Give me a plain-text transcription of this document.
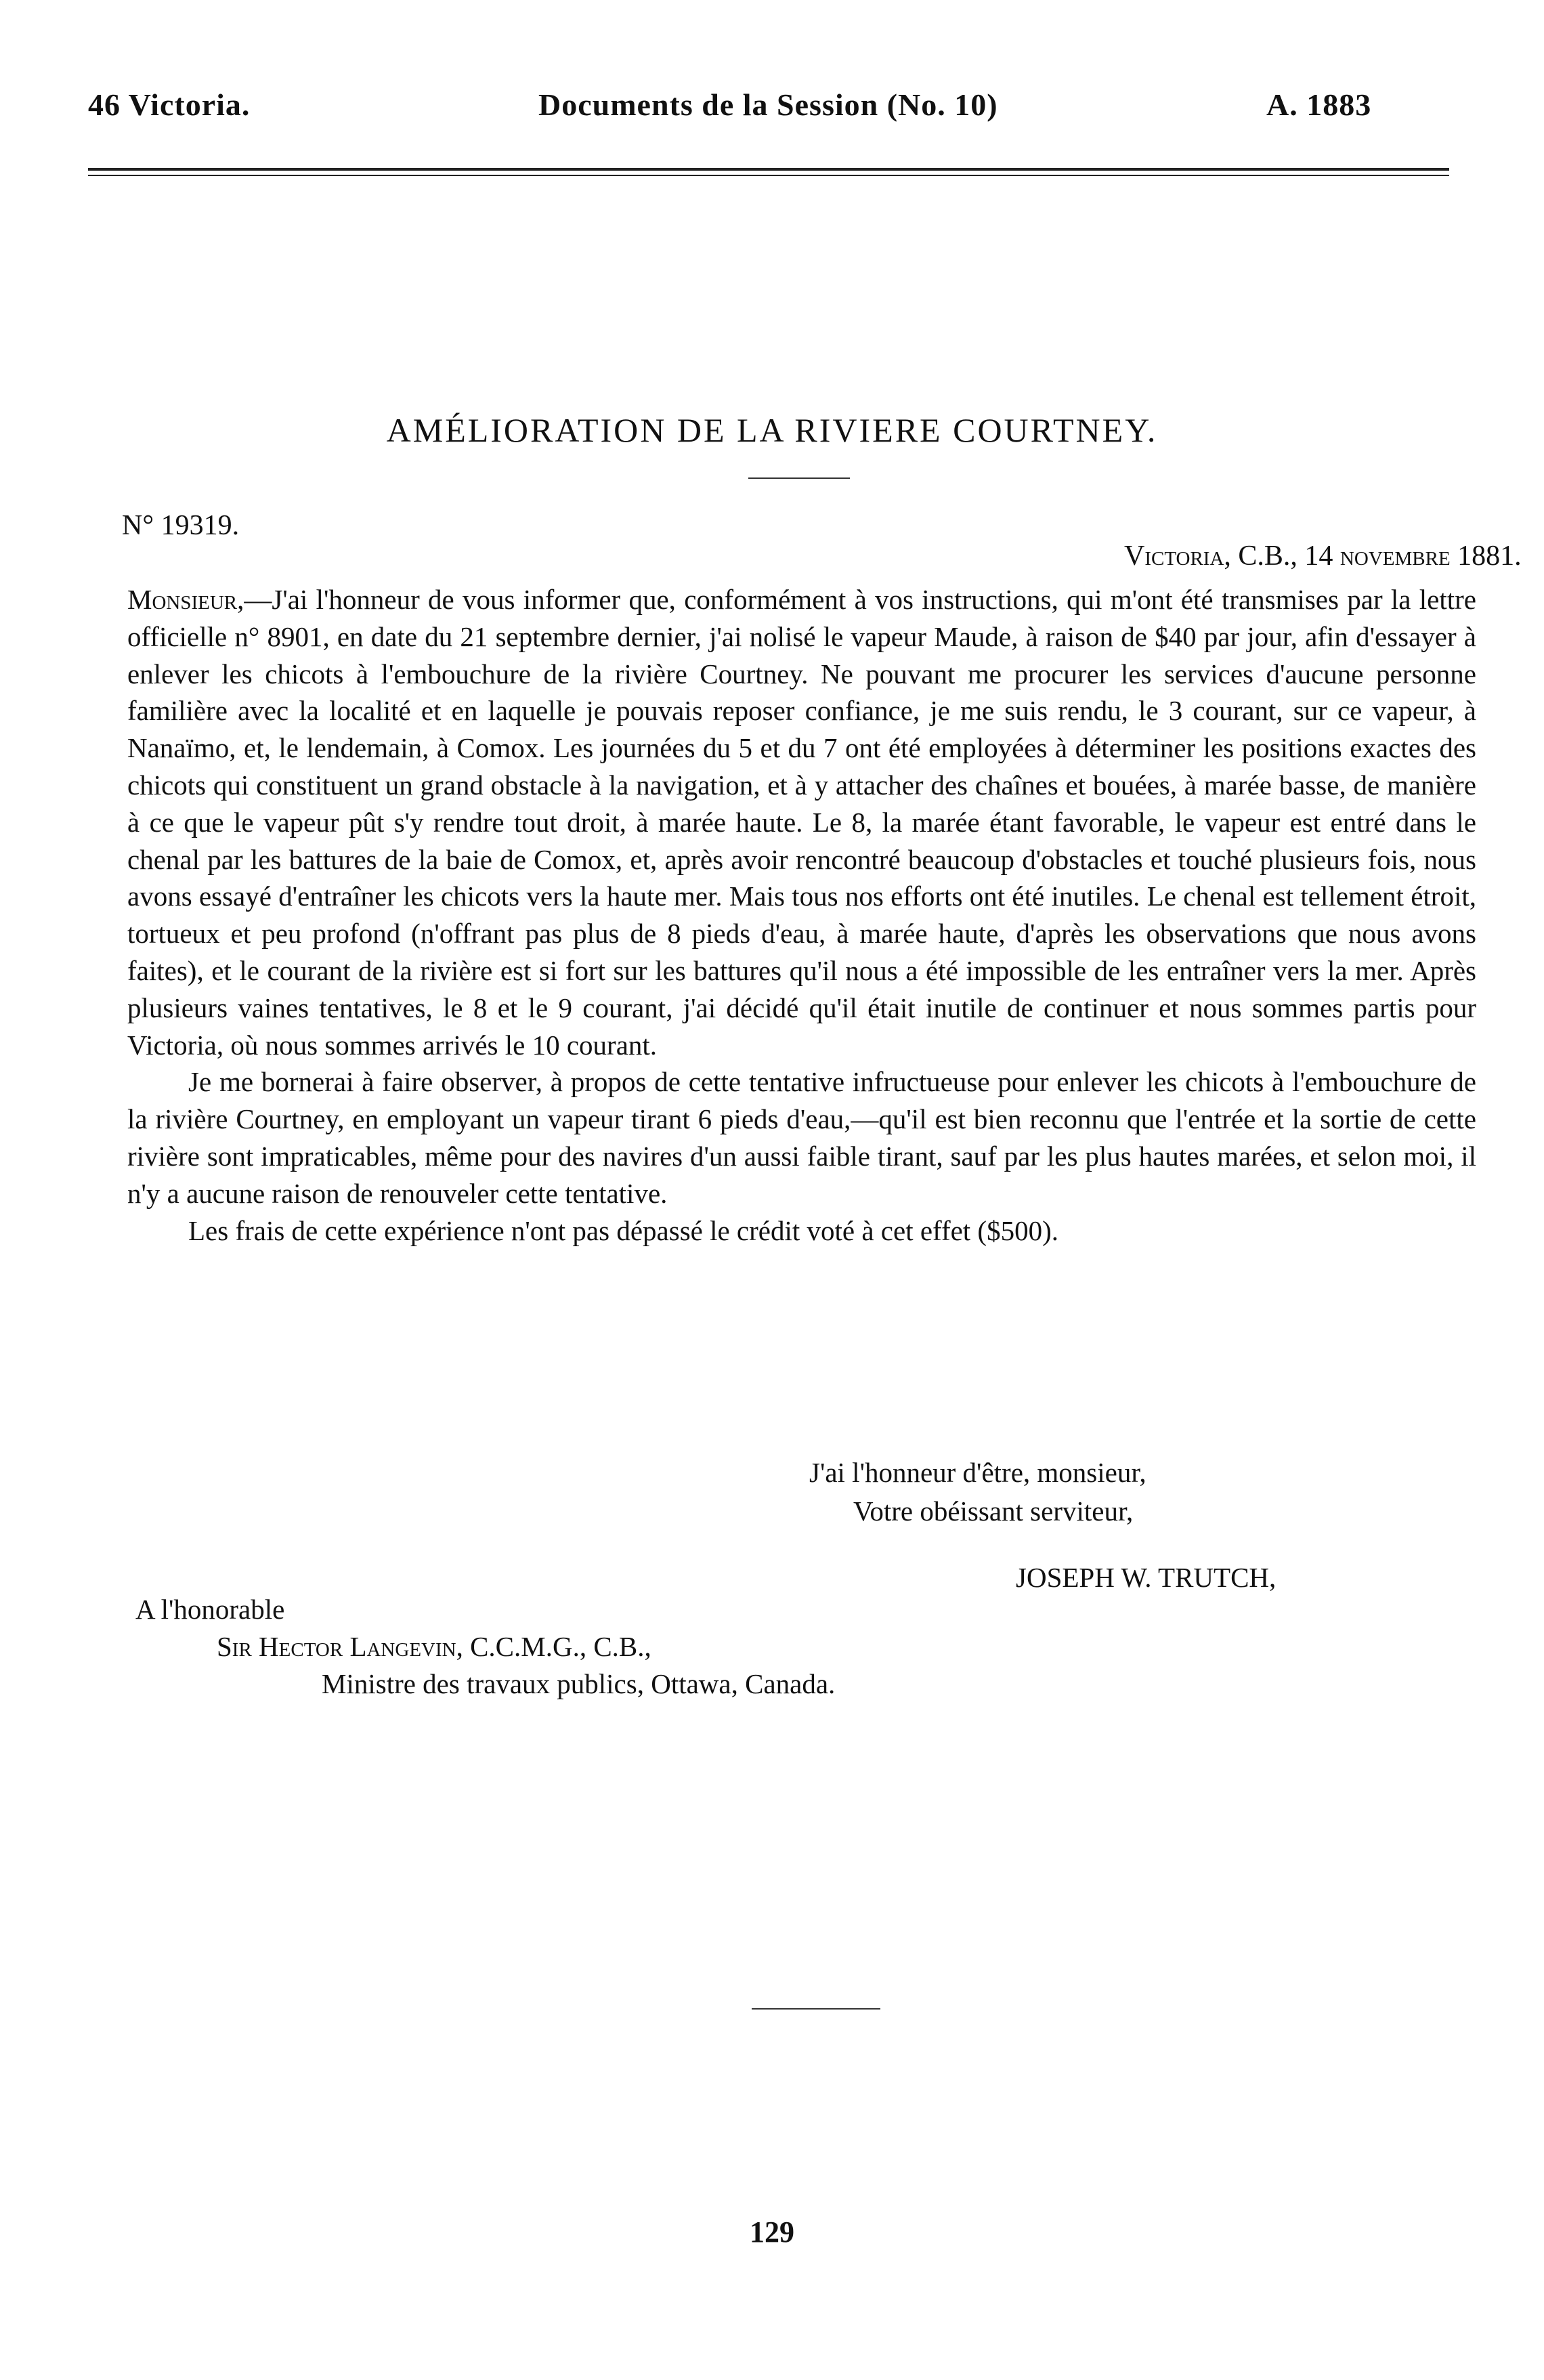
46 Victoria.	Documents de la Session (No. 10)	A. 1883
AMÉLIORATION DE LA RIVIERE COURTNEY.
N° 19319.
Victoria, C.B., 14 novembre 1881.

Monsieur,—J'ai l'honneur de vous informer que, conformément à vos instructions, qui m'ont été transmises par la lettre officielle n° 8901, en date du 21 septembre dernier, j'ai nolisé le vapeur Maude, à raison de $40 par jour, afin d'essayer à enlever les chicots à l'embouchure de la rivière Courtney. Ne pouvant me procurer les services d'aucune personne familière avec la localité et en laquelle je pouvais reposer confiance, je me suis rendu, le 3 courant, sur ce vapeur, à Nanaïmo, et, le lendemain, à Comox. Les journées du 5 et du 7 ont été employées à déterminer les positions exactes des chicots qui constituent un grand obstacle à la navigation, et à y attacher des chaînes et bouées, à marée basse, de manière à ce que le vapeur pût s'y rendre tout droit, à marée haute. Le 8, la marée étant favorable, le vapeur est entré dans le chenal par les battures de la baie de Comox, et, après avoir rencontré beaucoup d'obstacles et touché plusieurs fois, nous avons essayé d'entraîner les chicots vers la haute mer. Mais tous nos efforts ont été inutiles. Le chenal est tellement étroit, tortueux et peu profond (n'offrant pas plus de 8 pieds d'eau, à marée haute, d'après les observations que nous avons faites), et le courant de la rivière est si fort sur les battures qu'il nous a été impossible de les entraîner vers la mer. Après plusieurs vaines tentatives, le 8 et le 9 courant, j'ai décidé qu'il était inutile de continuer et nous sommes partis pour Victoria, où nous sommes arrivés le 10 courant.

Je me bornerai à faire observer, à propos de cette tentative infructueuse pour enlever les chicots à l'embouchure de la rivière Courtney, en employant un vapeur tirant 6 pieds d'eau,—qu'il est bien reconnu que l'entrée et la sortie de cette rivière sont impraticables, même pour des navires d'un aussi faible tirant, sauf par les plus hautes marées, et selon moi, il n'y a aucune raison de renouveler cette tentative.

Les frais de cette expérience n'ont pas dépassé le crédit voté à cet effet ($500).

J'ai l'honneur d'être, monsieur,
Votre obéissant serviteur,
JOSEPH W. TRUTCH,
A l'honorable
Sir Hector Langevin, C.C.M.G., C.B.,
Ministre des travaux publics, Ottawa, Canada.
129
